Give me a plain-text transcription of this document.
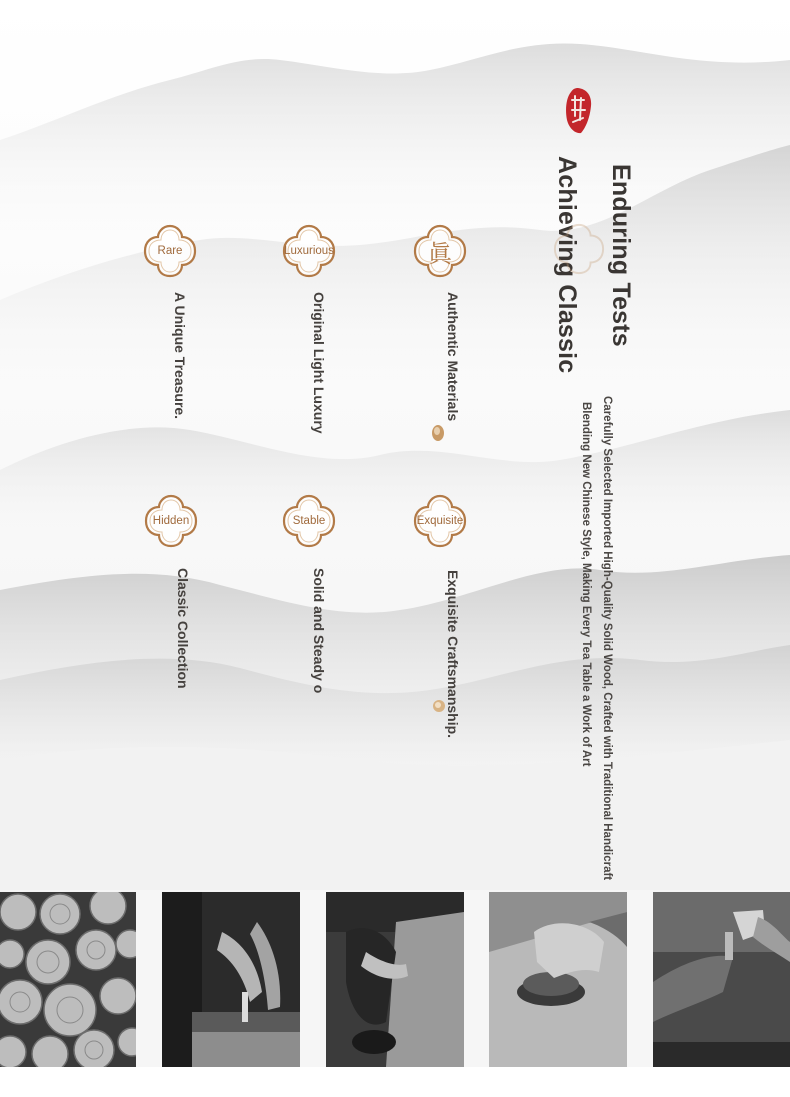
Enduring Tests
Achieving Classic
Carefully Selected Imported High-Quality Solid Wood, Crafted with Traditional Handicraft
Blending New Chinese Style, Making Every Tea Table a Work of Art
Rare
A Unique Treasure.
Luxurious
Original Light Luxury
眞
Authentic Materials
Hidden
Classic Collection
Stable
Solid and Steady o
Exquisite
Exquisite Craftsmanship.
